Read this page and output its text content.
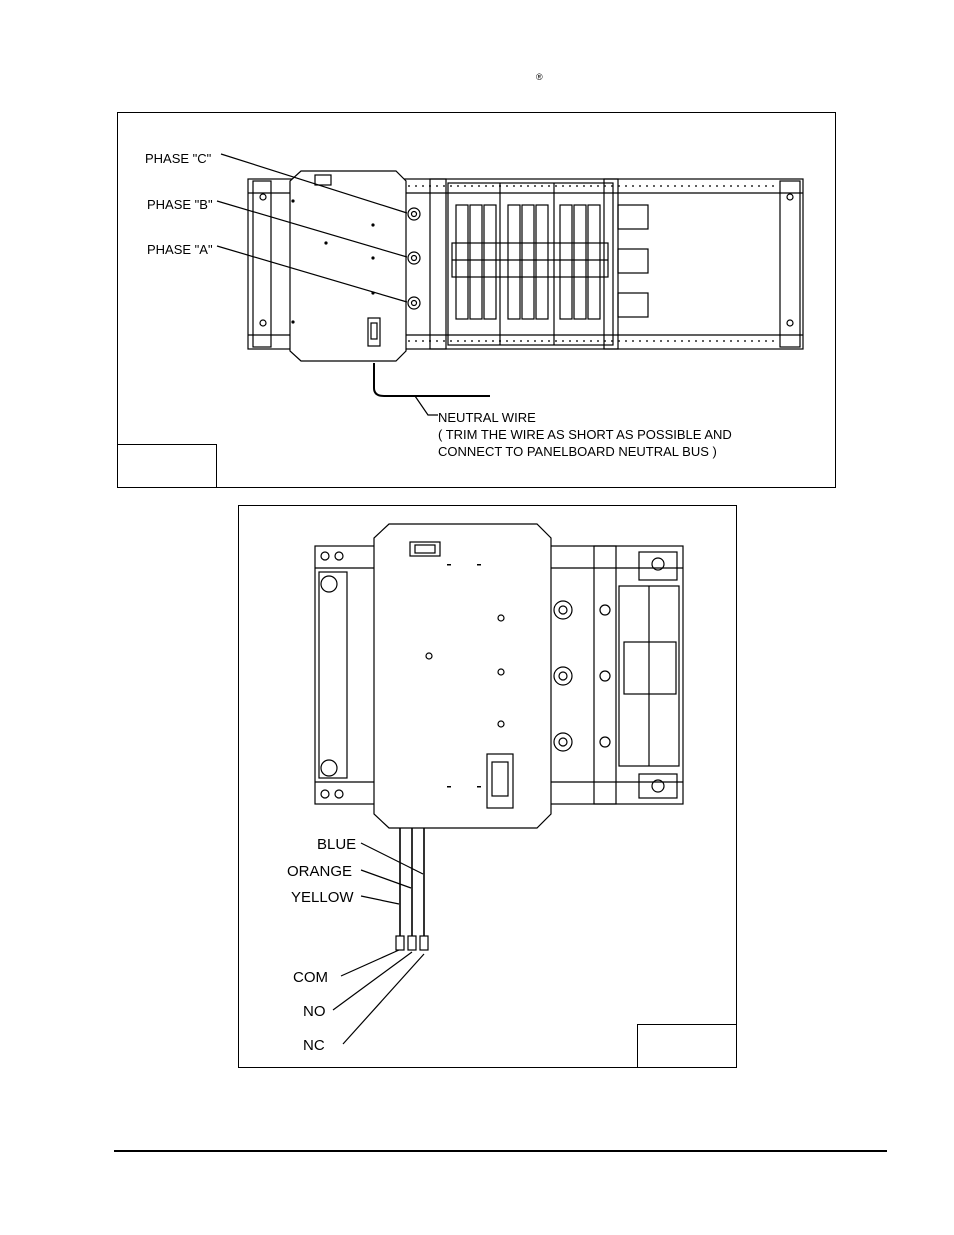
®
PHASE "C"
PHASE "B"
PHASE "A"
NEUTRAL WIRE
( TRIM THE WIRE AS SHORT AS POSSIBLE AND
CONNECT TO PANELBOARD NEUTRAL BUS )
BLUE
ORANGE
YELLOW
COM
NO
NC
